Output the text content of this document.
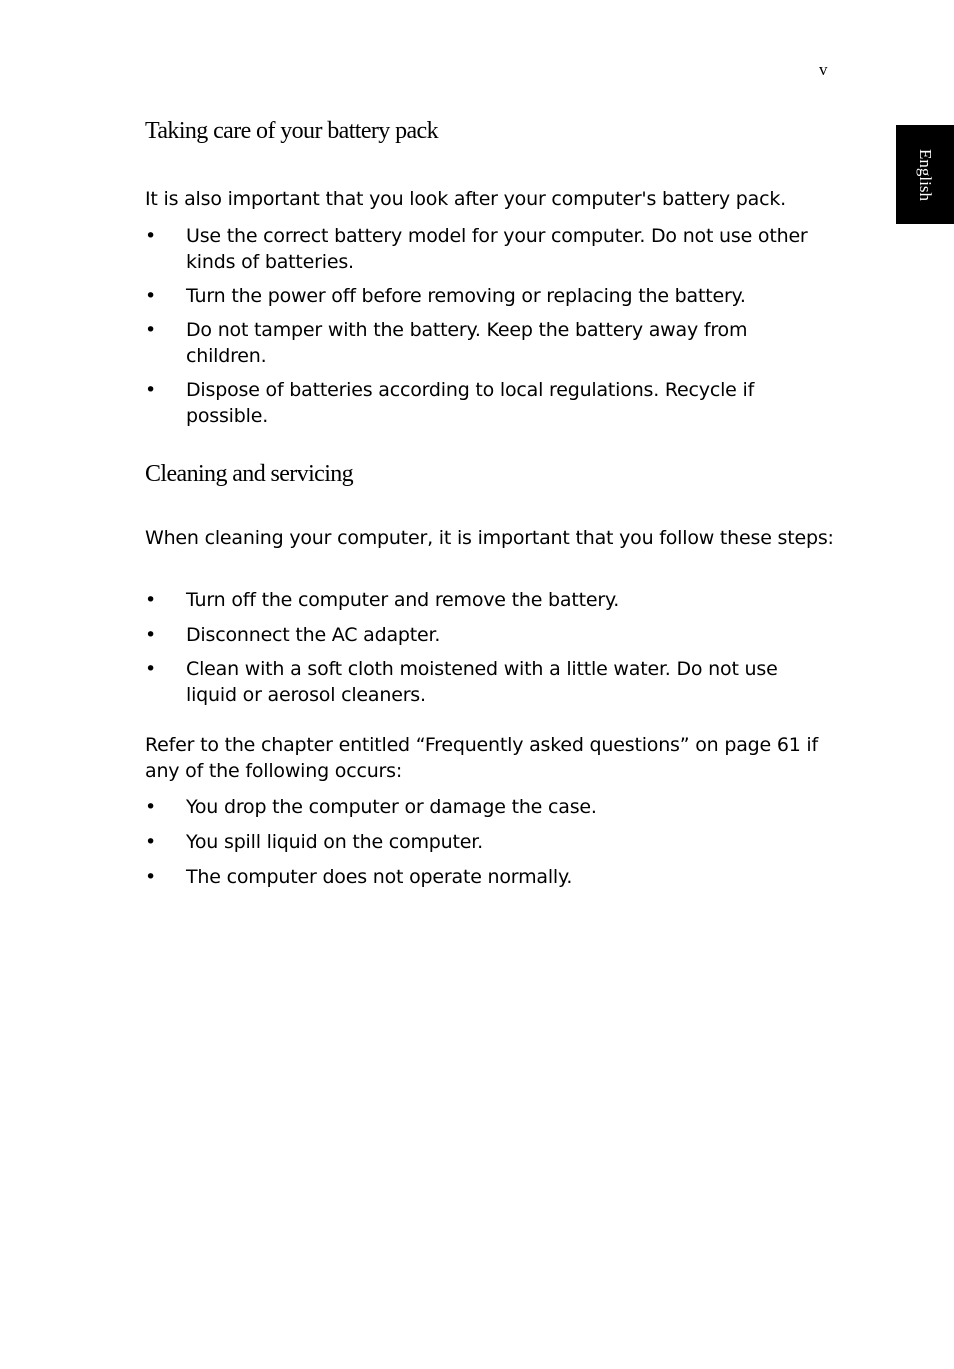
v
English
Taking care of your battery pack

It is also important that you look after your computer's battery pack.

• Use the correct battery model for your computer. Do not use other kinds of batteries.
• Turn the power off before removing or replacing the battery.
• Do not tamper with the battery. Keep the battery away from children.
• Dispose of batteries according to local regulations. Recycle if possible.
Cleaning and servicing

When cleaning your computer, it is important that you follow these steps:

• Turn off the computer and remove the battery.
• Disconnect the AC adapter.
• Clean with a soft cloth moistened with a little water. Do not use liquid or aerosol cleaners.

Refer to the chapter entitled “Frequently asked questions” on page 61 if any of the following occurs:

• You drop the computer or damage the case.
• You spill liquid on the computer.
• The computer does not operate normally.
